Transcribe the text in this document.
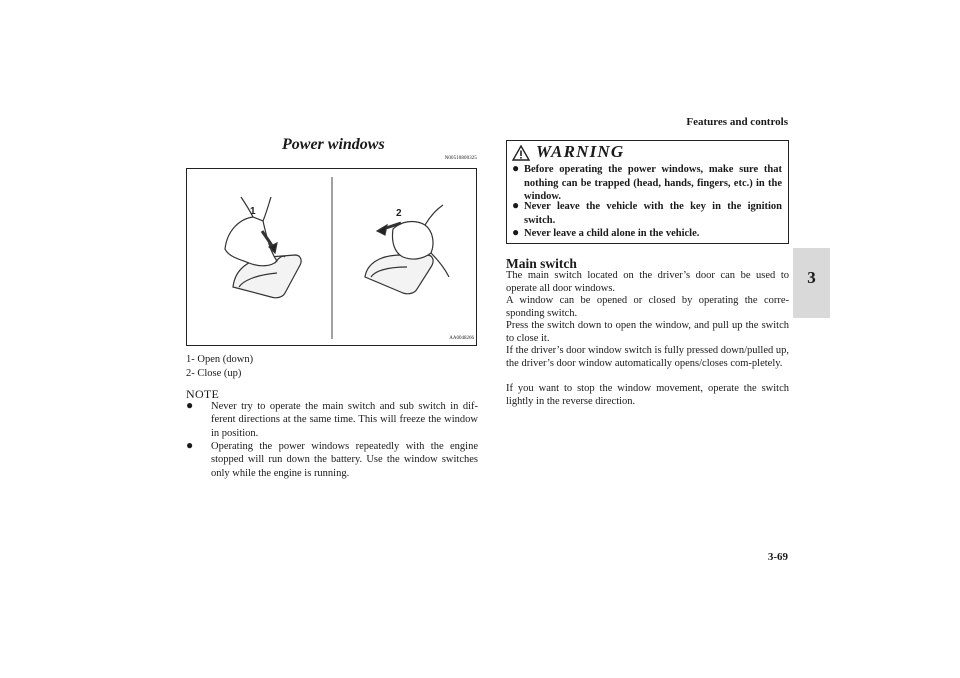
Features and controls
3
3-69
Power windows
N00510800325
1	2
AA0048266
1- Open (down)
2- Close (up)
NOTE
● Never try to operate the main switch and sub switch in dif-ferent directions at the same time. This will freeze the window in position.
● Operating the power windows repeatedly with the engine stopped will run down the battery. Use the window switches only while the engine is running.
WARNING
● Before operating the power windows, make sure that nothing can be trapped (head, hands, fingers, etc.) in the window.
● Never leave the vehicle with the key in the ignition switch.
● Never leave a child alone in the vehicle.
Main switch
The main switch located on the driver’s door can be used to operate all door windows.
A window can be opened or closed by operating the corre-sponding switch.
Press the switch down to open the window, and pull up the switch to close it.
If the driver’s door window switch is fully pressed down/pulled up, the driver’s door window automatically opens/closes com-pletely.
If you want to stop the window movement, operate the switch lightly in the reverse direction.
